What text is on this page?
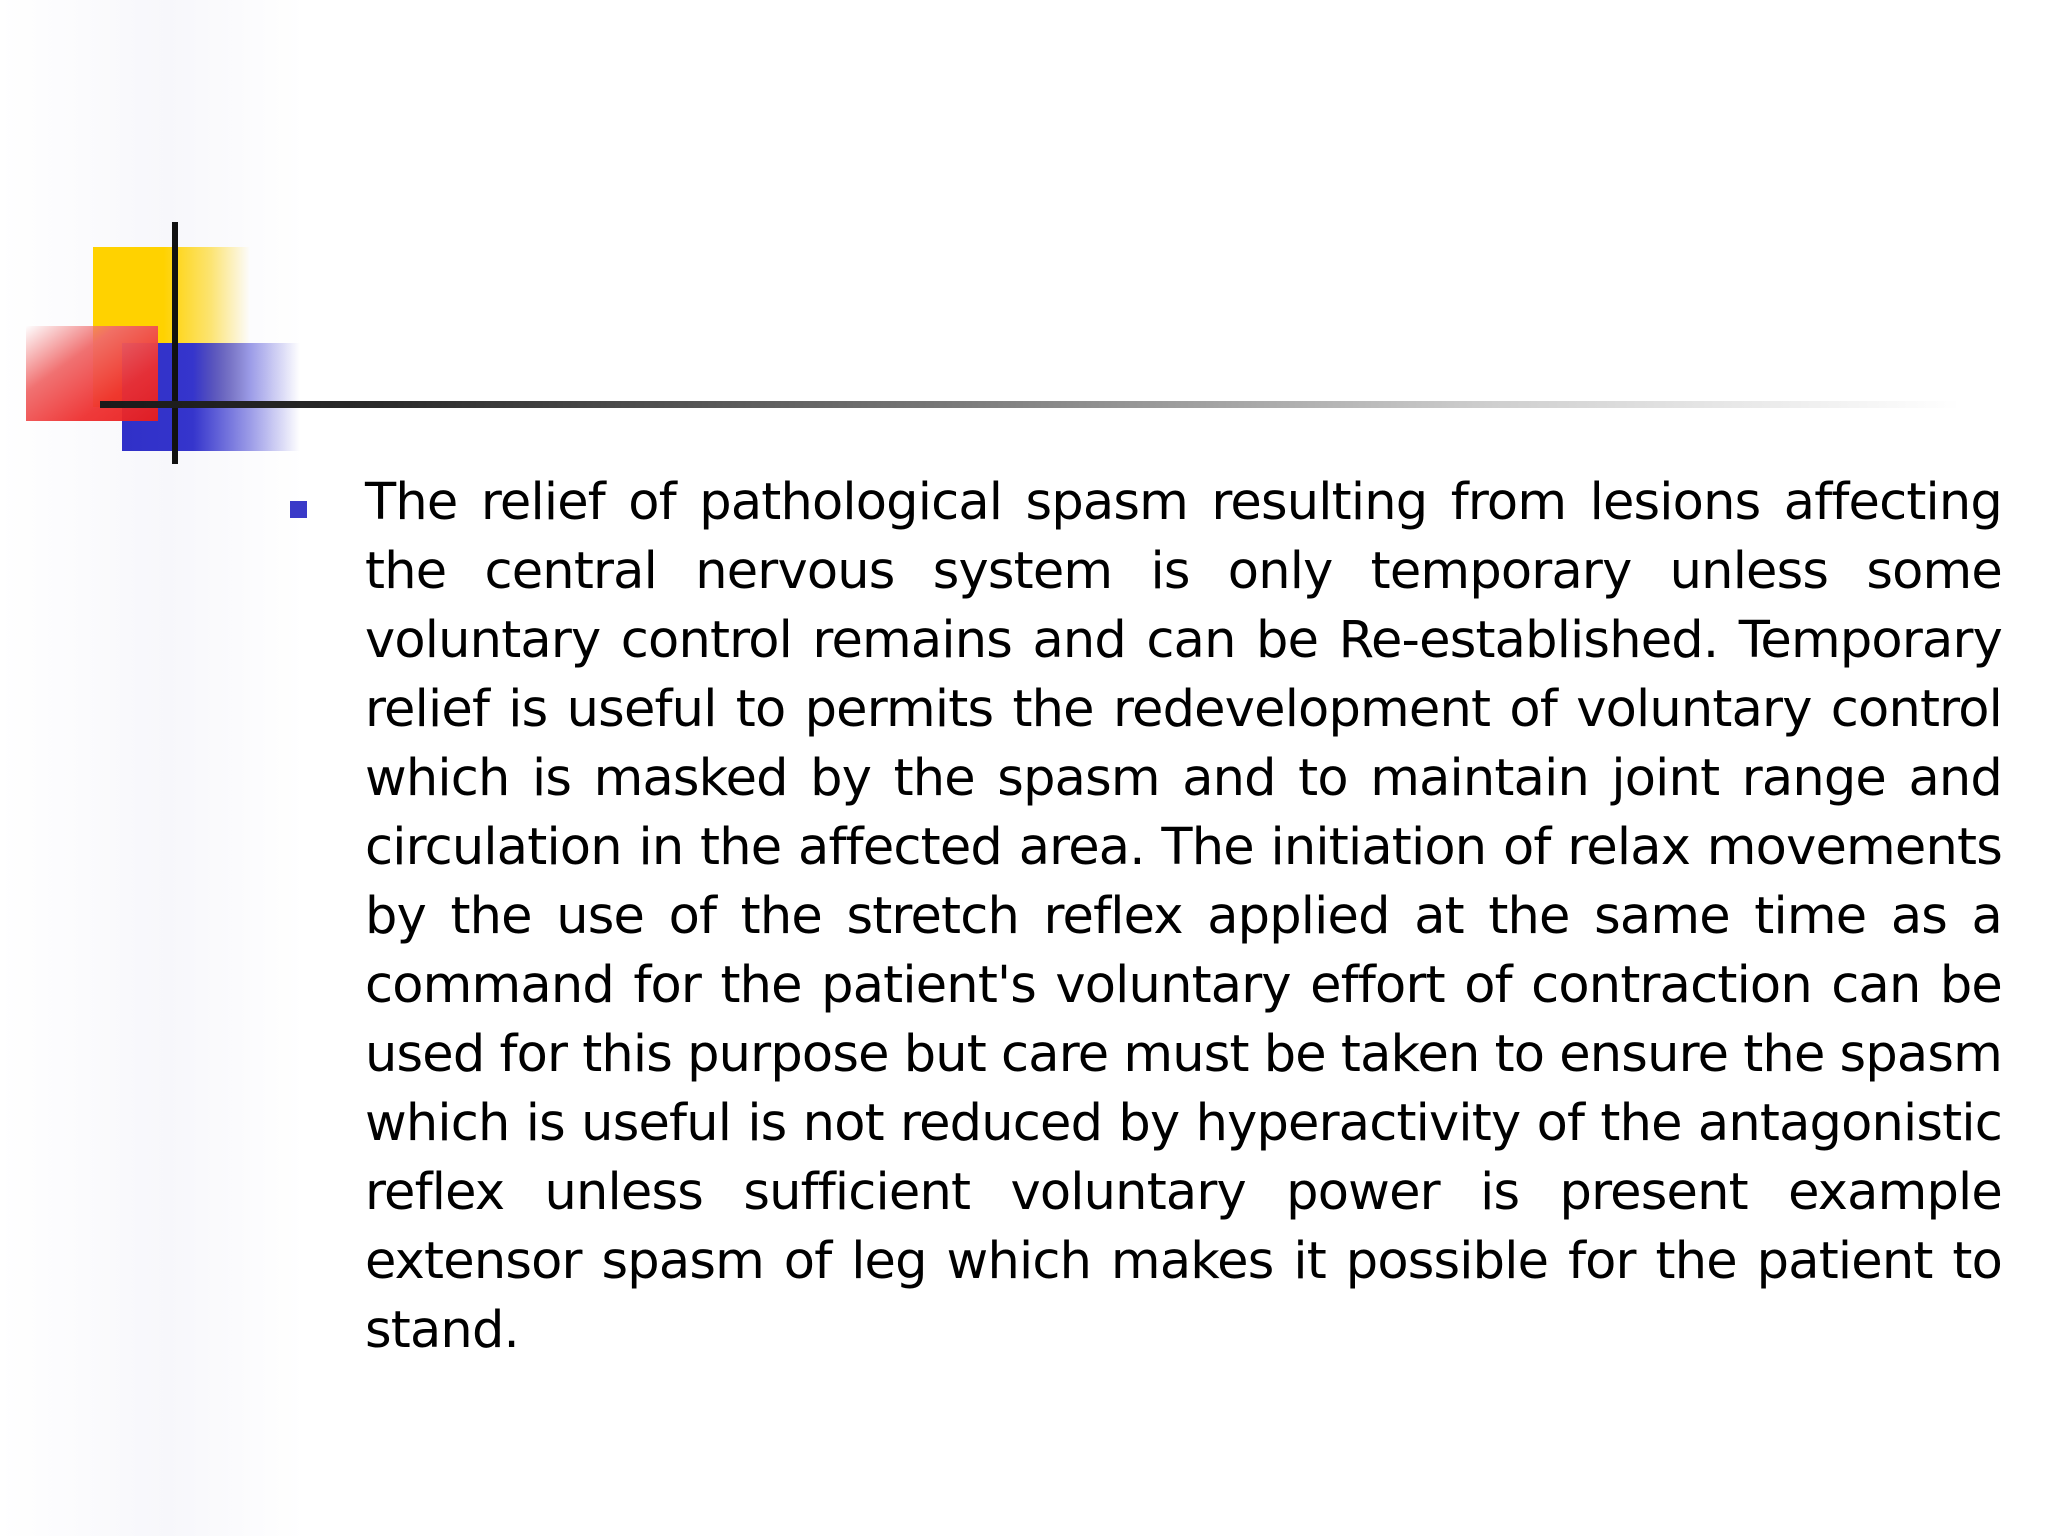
The relief of pathological spasm resulting from lesions affecting the central nervous system is only temporary unless some voluntary control remains and can be Re-established. Temporary relief is useful to permits the redevelopment of voluntary control which is masked by the spasm and to maintain joint range and circulation in the affected area. The initiation of relax movements by the use of the stretch reflex applied at the same time as a command for the patient's voluntary effort of contraction can be used for this purpose but care must be taken to ensure the spasm which is useful is not reduced by hyperactivity of the antagonistic reflex unless sufficient voluntary power is present example extensor spasm of leg which makes it possible for the patient to stand.
